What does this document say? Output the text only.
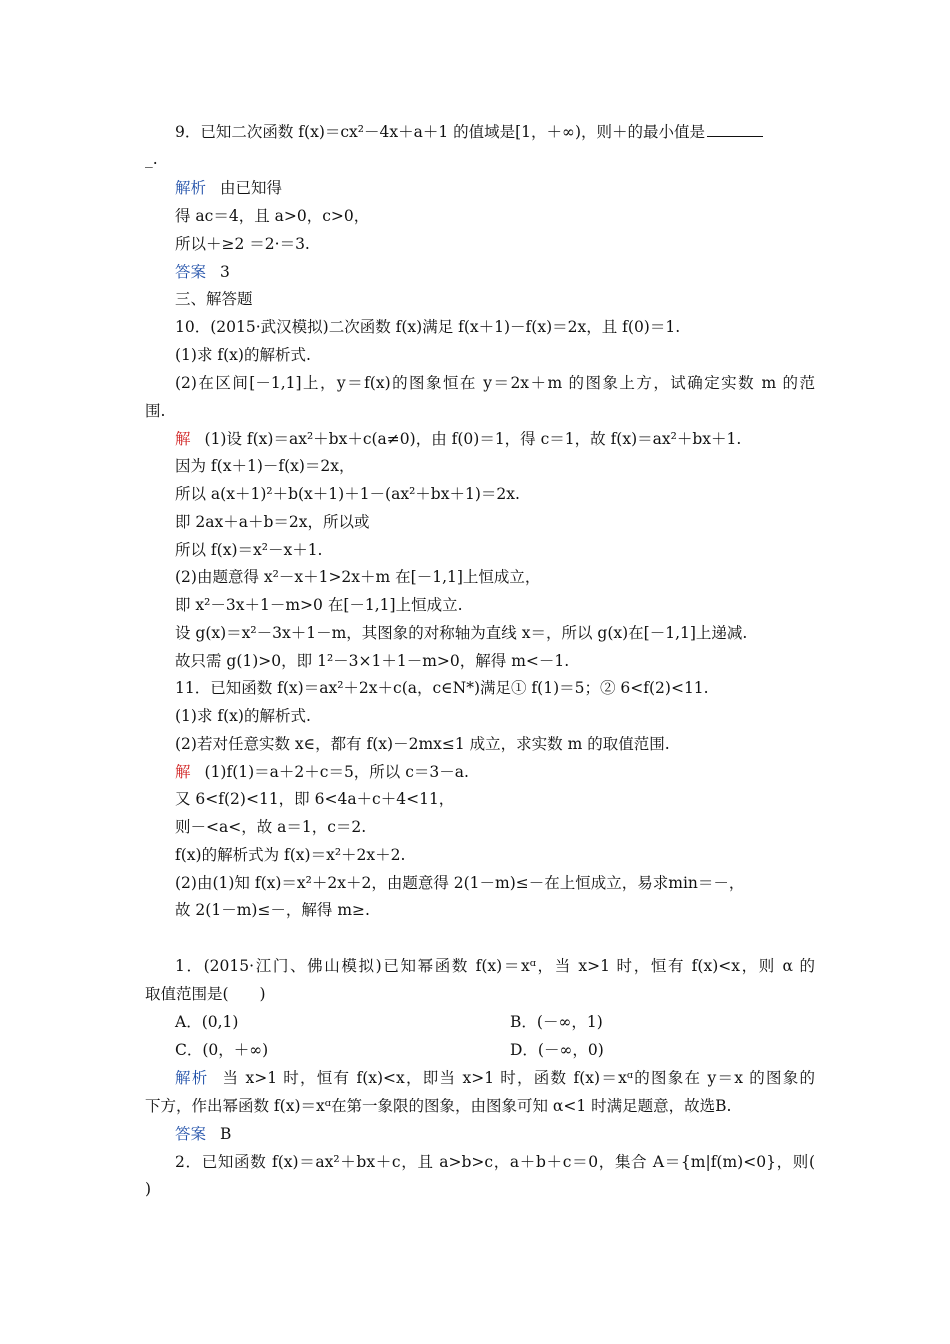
9．已知二次函数 f(x)＝cx²－4x＋a＋1 的值域是[1，＋∞)，则＋的最小值是
_.
解析 由已知得
得 ac＝4，且 a>0，c>0，
所以＋≥2 ＝2·＝3.
答案 3
三、解答题
10．(2015·武汉模拟)二次函数 f(x)满足 f(x＋1)－f(x)＝2x，且 f(0)＝1.
(1)求 f(x)的解析式.
(2)在区间[－1,1]上，y＝f(x)的图象恒在 y＝2x＋m 的图象上方，试确定实数 m 的范
围.
解 (1)设 f(x)＝ax²＋bx＋c(a≠0)，由 f(0)＝1，得 c＝1，故 f(x)＝ax²＋bx＋1.
因为 f(x＋1)－f(x)＝2x，
所以 a(x＋1)²＋b(x＋1)＋1－(ax²＋bx＋1)＝2x.
即 2ax＋a＋b＝2x，所以或
所以 f(x)＝x²－x＋1.
(2)由题意得 x²－x＋1>2x＋m 在[－1,1]上恒成立，
即 x²－3x＋1－m>0 在[－1,1]上恒成立.
设 g(x)＝x²－3x＋1－m，其图象的对称轴为直线 x＝，所以 g(x)在[－1,1]上递减.
故只需 g(1)>0，即 1²－3×1＋1－m>0，解得 m<－1.
11．已知函数 f(x)＝ax²＋2x＋c(a，c∈N*)满足① f(1)＝5；② 6<f(2)<11.
(1)求 f(x)的解析式.
(2)若对任意实数 x∈，都有 f(x)－2mx≤1 成立，求实数 m 的取值范围.
解 (1)f(1)＝a＋2＋c＝5，所以 c＝3－a.
又 6<f(2)<11，即 6<4a＋c＋4<11，
则－<a<，故 a＝1，c＝2.
f(x)的解析式为 f(x)＝x²＋2x＋2.
(2)由(1)知 f(x)＝x²＋2x＋2，由题意得 2(1－m)≤－在上恒成立，易求min＝－，
故 2(1－m)≤－，解得 m≥.
1．(2015·江门、佛山模拟)已知幂函数 f(x)＝xᵅ，当 x>1 时，恒有 f(x)<x，则 α 的
取值范围是(　　)
A．(0,1)	B．(－∞，1)
C．(0，＋∞)	D．(－∞，0)
解析 当 x>1 时，恒有 f(x)<x，即当 x>1 时，函数 f(x)＝xᵅ的图象在 y＝x 的图象的
下方，作出幂函数 f(x)＝xᵅ在第一象限的图象，由图象可知 α<1 时满足题意，故选B.
答案 B
2．已知函数 f(x)＝ax²＋bx＋c，且 a>b>c，a＋b＋c＝0，集合 A＝{m|f(m)<0}，则(
)
